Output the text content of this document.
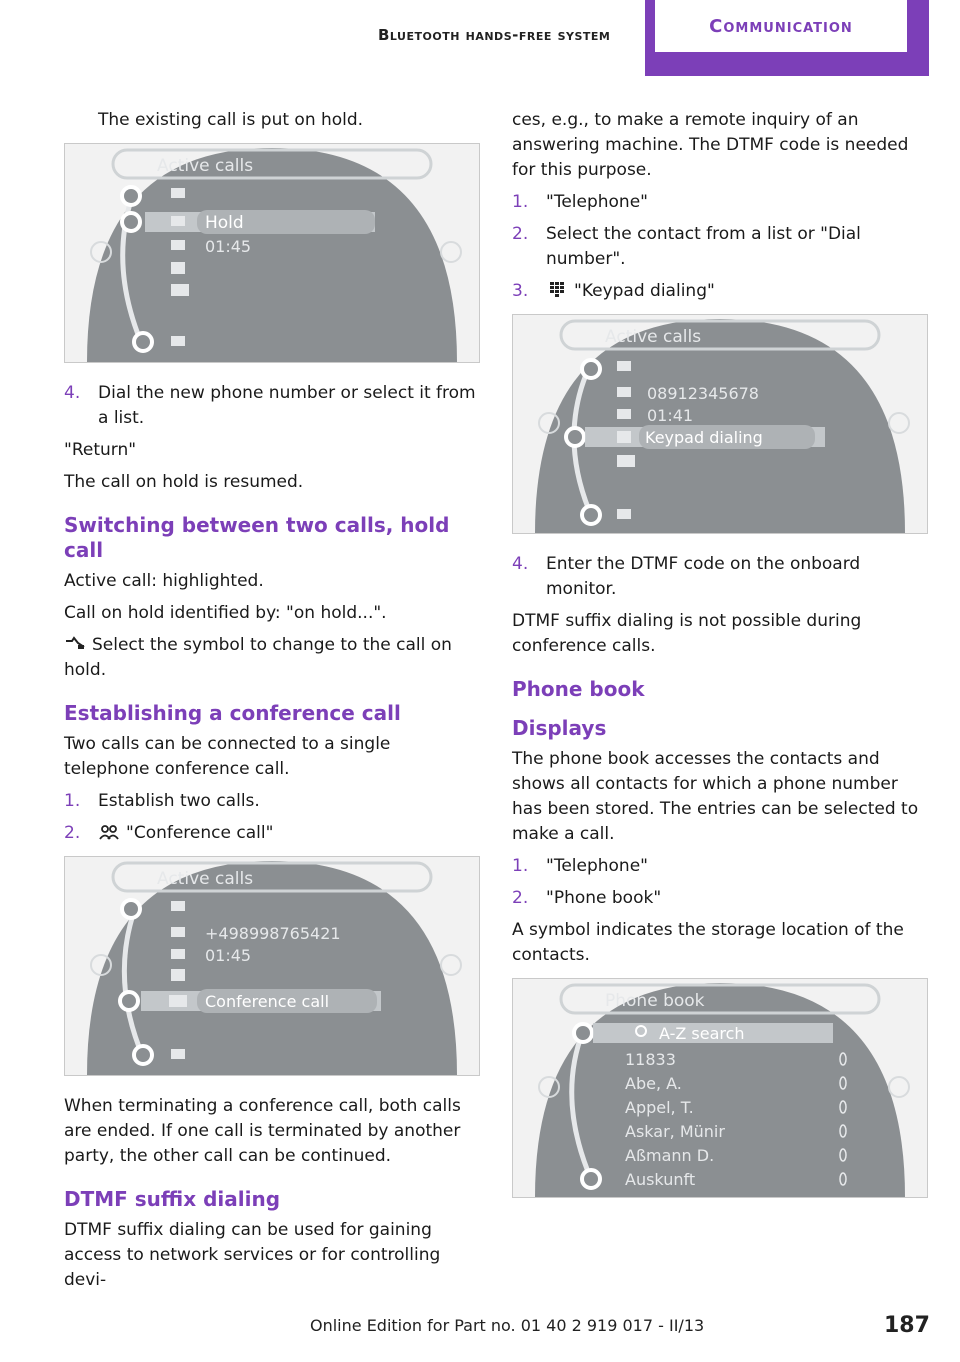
Bluetooth hands-free system	Communication

The existing call is put on hold.

Active calls
Hold
01:45
4.	Dial the new phone number or select it from a list.

"Return"

The call on hold is resumed.

Switching between two calls, hold call

Active call: highlighted.

Call on hold identified by: "on hold...".

Select the symbol to change to the call on hold.

Establishing a conference call

Two calls can be connected to a single telephone conference call.

1.	Establish two calls.
2.	"Conference call"
Active calls
+498998765421
01:45
Conference call

When terminating a conference call, both calls are ended. If one call is terminated by another party, the other call can be continued.

DTMF suffix dialing

DTMF suffix dialing can be used for gaining access to network services or for controlling devi-

ces, e.g., to make a remote inquiry of an answering machine. The DTMF code is needed for this purpose.

1.	"Telephone"
2.	Select the contact from a list or "Dial number".
3.	"Keypad dialing"
Active calls
08912345678
01:41
Keypad dialing
4.	Enter the DTMF code on the onboard monitor.

DTMF suffix dialing is not possible during conference calls.

Phone book
Displays

The phone book accesses the contacts and shows all contacts for which a phone number has been stored. The entries can be selected to make a call.

1.	"Telephone"
2.	"Phone book"

A symbol indicates the storage location of the contacts.

Phone book
A-Z search
11833
Abe, A.
Appel, T.
Askar, Münir
Aßmann D.
Auskunft
Online Edition for Part no. 01 40 2 919 017 - II/13	187
